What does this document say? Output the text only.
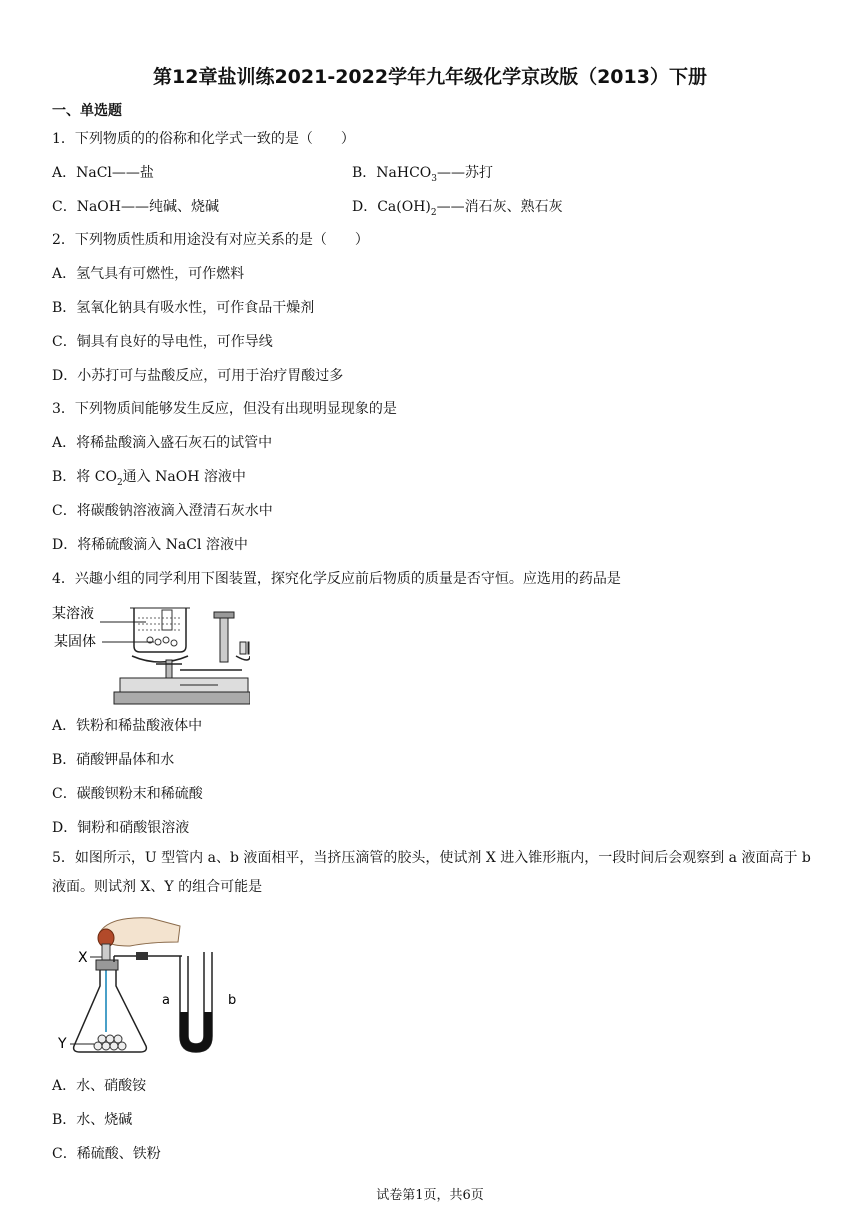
第12章盐训练2021-2022学年九年级化学京改版（2013）下册
一、单选题
1．下列物质的的俗称和化学式一致的是（　　）
A．NaCl——盐	B．NaHCO$_3$——苏打
C．NaOH——纯碱、烧碱	D．$Ca(OH)_2——$消石灰、熟石灰
2．下列物质性质和用途没有对应关系的是（　　）
A．氢气具有可燃性，可作燃料
B．氢氧化钠具有吸水性，可作食品干燥剂
C．铜具有良好的导电性，可作导线
D．小苏打可与盐酸反应，可用于治疗胃酸过多
3．下列物质间能够发生反应，但没有出现明显现象的是
A．将稀盐酸滴入盛石灰石的试管中
B．将 $CO_2$通入 NaOH 溶液中
C．将碳酸钠溶液滴入澄清石灰水中
D．将稀硫酸滴入 NaCl 溶液中
4．兴趣小组的同学利用下图装置，探究化学反应前后物质的质量是否守恒。应选用的药品是
某溶液
某固体
A．铁粉和稀盐酸液体中
B．硝酸钾晶体和水
C．碳酸钡粉末和稀硫酸
D．铜粉和硝酸银溶液
5．如图所示，U 型管内 a、b 液面相平，当挤压滴管的胶头，使试剂 X 进入锥形瓶内，一段时间后会观察到 a 液面高于 b 液面。则试剂 X、Y 的组合可能是
X
Y
a	b
A．水、硝酸铵
B．水、烧碱
C．稀硫酸、铁粉
试卷第1页，共6页
